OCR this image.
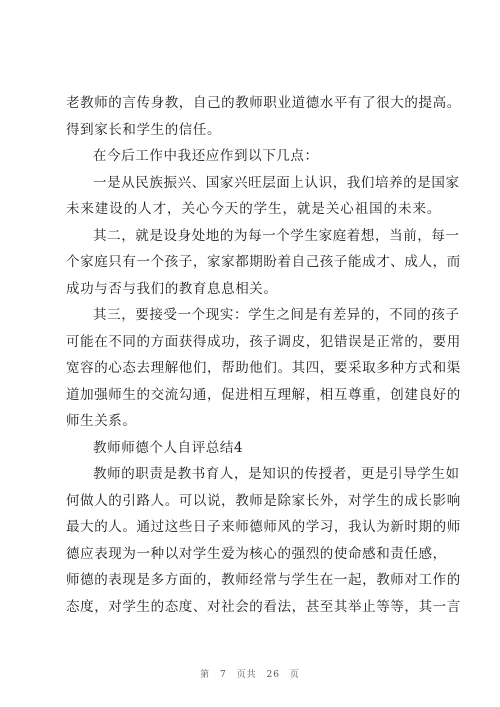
老教师的言传身教，自己的教师职业道德水平有了很大的提高。
得到家长和学生的信任。
在今后工作中我还应作到以下几点：
一是从民族振兴、国家兴旺层面上认识，我们培养的是国家
未来建设的人才，关心今天的学生，就是关心祖国的未来。
其二，就是设身处地的为每一个学生家庭着想，当前，每一
个家庭只有一个孩子，家家都期盼着自己孩子能成才、成人，而
成功与否与我们的教育息息相关。
其三，要接受一个现实：学生之间是有差异的，不同的孩子
可能在不同的方面获得成功，孩子调皮，犯错误是正常的，要用
宽容的心态去理解他们，帮助他们。其四，要采取多种方式和渠
道加强师生的交流勾通，促进相互理解，相互尊重，创建良好的
师生关系。
教师师德个人自评总结4
教师的职责是教书育人，是知识的传授者，更是引导学生如
何做人的引路人。可以说，教师是除家长外，对学生的成长影响
最大的人。通过这些日子来师德师风的学习，我认为新时期的师
德应表现为一种以对学生爱为核心的强烈的使命感和责任感，
师德的表现是多方面的，教师经常与学生在一起，教师对工作的
态度，对学生的态度、对社会的看法，甚至其举止等等，其一言
第 7 页共 26 页
